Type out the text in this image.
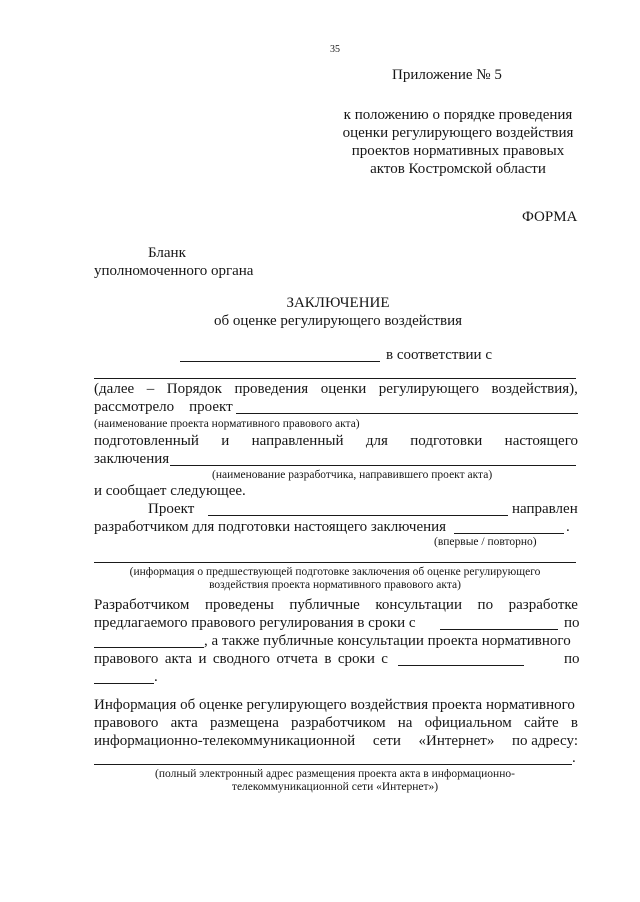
35
Приложение № 5
к положению о порядке проведения
оценки регулирующего воздействия
проектов нормативных правовых
актов Костромской области
ФОРМА
Бланк
уполномоченного органа
ЗАКЛЮЧЕНИЕ
об оценке регулирующего воздействия
в соответствии с
(далее – Порядок проведения оценки регулирующего воздействия),
рассмотрело    проект
(наименование проекта нормативного правового акта)
подготовленный и направленный для подготовки настоящего
заключения
(наименование разработчика, направившего проект акта)
и сообщает следующее.
Проект	направлен
разработчиком для подготовки настоящего заключения	.
(впервые / повторно)
(информация о предшествующей подготовке заключения об оценке регулирующего
воздействия проекта нормативного правового акта)
Разработчиком проведены публичные консультации по разработке
предлагаемого правового регулирования в сроки с	по
, а также публичные консультации проекта нормативного
правового акта и сводного отчета в сроки с	по
.
Информация об оценке регулирующего воздействия проекта нормативного
правового акта размещена разработчиком на официальном сайте в
информационно-телекоммуникационной сети «Интернет» по адресу:
.
(полный электронный адрес размещения проекта акта в информационно-
телекоммуникационной сети «Интернет»)
